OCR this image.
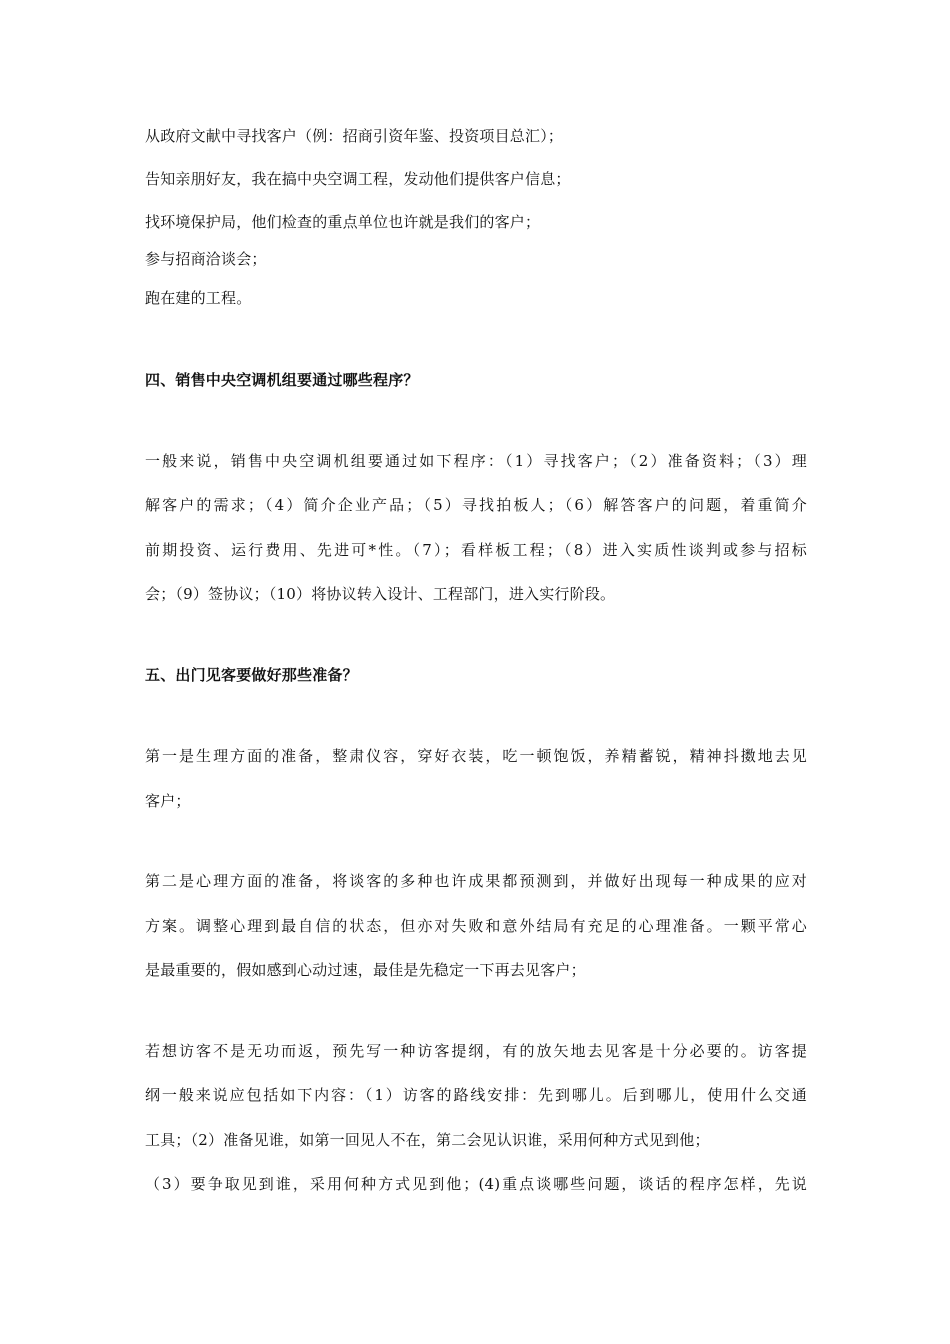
从政府文献中寻找客户（例：招商引资年鉴、投资项目总汇）；
告知亲朋好友，我在搞中央空调工程，发动他们提供客户信息；
找环境保护局，他们检查的重点单位也许就是我们的客户；
参与招商洽谈会；
跑在建的工程。
四、销售中央空调机组要通过哪些程序？
一般来说，销售中央空调机组要通过如下程序：（1）寻找客户；（2）准备资料；（3）理
解客户的需求；（4）简介企业产品；（5）寻找拍板人；（6）解答客户的问题，着重简介
前期投资、运行费用、先进可*性。（7）；看样板工程；（8）进入实质性谈判或参与招标
会；（9）签协议；（10）将协议转入设计、工程部门，进入实行阶段。
五、出门见客要做好那些准备？
第一是生理方面的准备，整肃仪容，穿好衣装，吃一顿饱饭，养精蓄锐，精神抖擞地去见
客户；
第二是心理方面的准备，将谈客的多种也许成果都预测到，并做好出现每一种成果的应对
方案。调整心理到最自信的状态，但亦对失败和意外结局有充足的心理准备。一颗平常心
是最重要的，假如感到心动过速，最佳是先稳定一下再去见客户；
若想访客不是无功而返，预先写一种访客提纲，有的放矢地去见客是十分必要的。访客提
纲一般来说应包括如下内容：（1）访客的路线安排：先到哪儿。后到哪儿，使用什么交通
工具；（2）准备见谁，如第一回见人不在，第二会见认识谁，采用何种方式见到他；
（3）要争取见到谁，采用何种方式见到他；(4)重点谈哪些问题，谈话的程序怎样，先说
